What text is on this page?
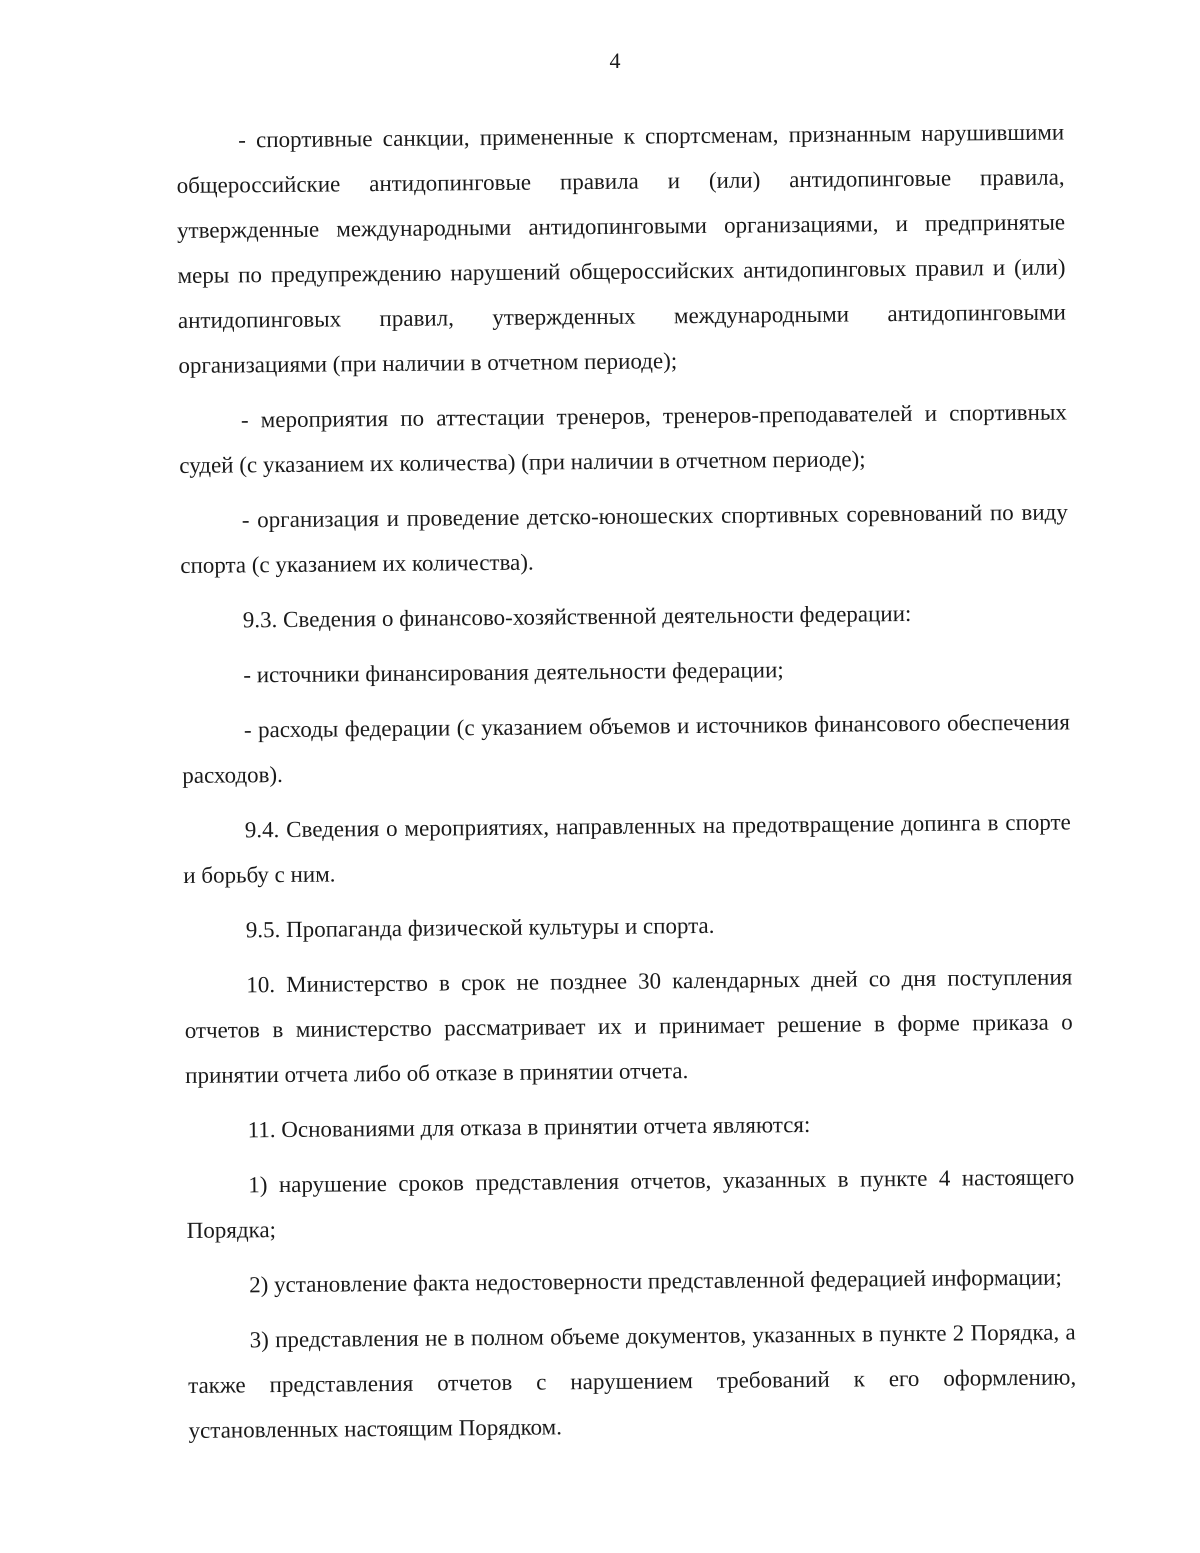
4

- спортивные санкции, примененные к спортсменам, признанным нарушившими общероссийские антидопинговые правила и (или) антидопинговые правила, утвержденные международными антидопинговыми организациями, и предпринятые меры по предупреждению нарушений общероссийских антидопинговых правил и (или) антидопинговых правил, утвержденных международными антидопинговыми организациями (при наличии в отчетном периоде);

- мероприятия по аттестации тренеров, тренеров-преподавателей и спортивных судей (с указанием их количества) (при наличии в отчетном периоде);

- организация и проведение детско-юношеских спортивных соревнований по виду спорта (с указанием их количества).

9.3. Сведения о финансово-хозяйственной деятельности федерации:

- источники финансирования деятельности федерации;

- расходы федерации (с указанием объемов и источников финансового обеспечения расходов).

9.4. Сведения о мероприятиях, направленных на предотвращение допинга в спорте и борьбу с ним.

9.5. Пропаганда физической культуры и спорта.

10. Министерство в срок не позднее 30 календарных дней со дня поступления отчетов в министерство рассматривает их и принимает решение в форме приказа о принятии отчета либо об отказе в принятии отчета.

11. Основаниями для отказа в принятии отчета являются:

1) нарушение сроков представления отчетов, указанных в пункте 4 настоящего Порядка;

2) установление факта недостоверности представленной федерацией информации;

3) представления не в полном объеме документов, указанных в пункте 2 Порядка, а также представления отчетов с нарушением требований к его оформлению, установленных настоящим Порядком.
